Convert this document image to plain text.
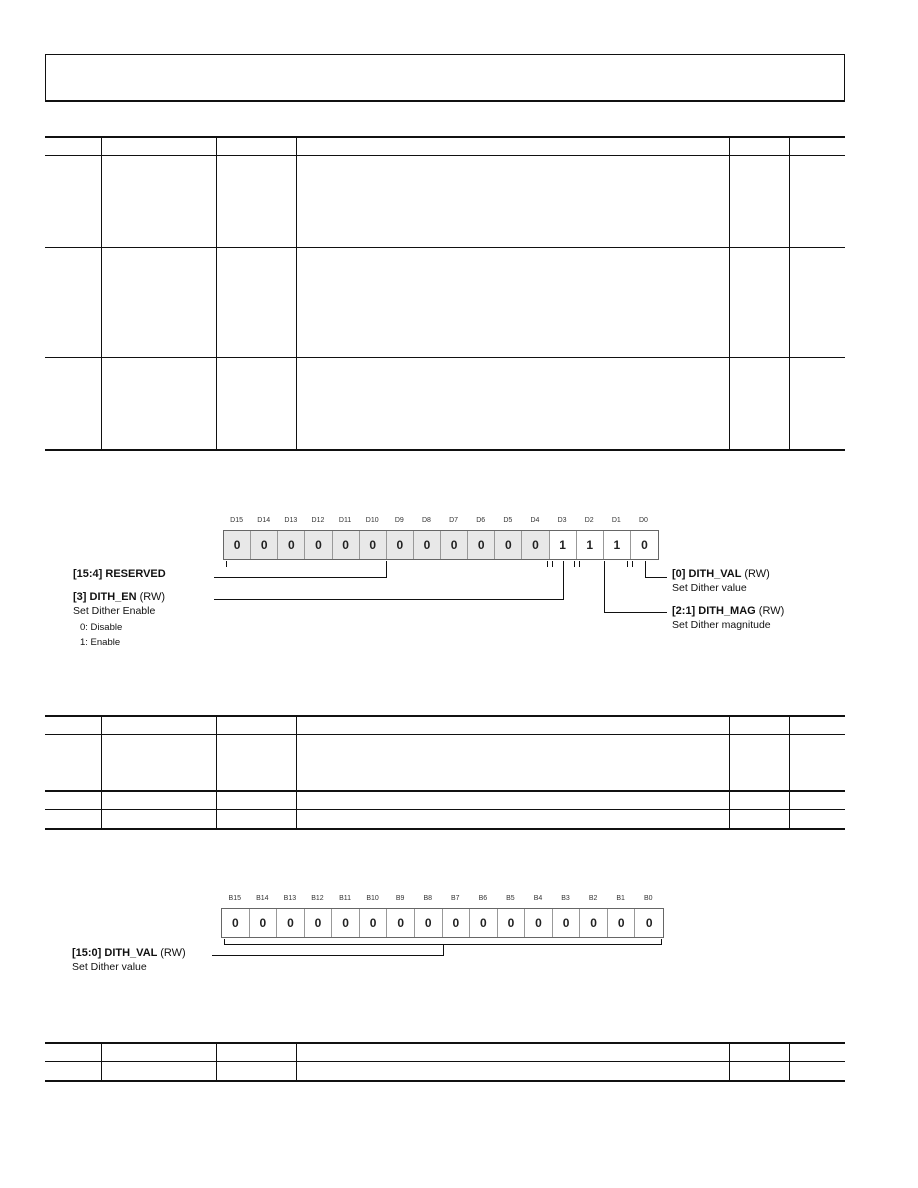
D15	D14	D13	D12	D11	D10	D9	D8	D7	D6	D5	D4	D3	D2	D1	D0
0	0	0	0	0	0	0	0	0	0	0	0	1	1	1	0
[15:4] RESERVED
[3] DITH_EN (RW)
Set Dither Enable
0: Disable
1: Enable
[0] DITH_VAL (RW)
Set Dither value
[2:1] DITH_MAG (RW)
Set Dither magnitude
B15	B14	B13	B12	B11	B10	B9	B8	B7	B6	B5	B4	B3	B2	B1	B0
0	0	0	0	0	0	0	0	0	0	0	0	0	0	0	0
[15:0] DITH_VAL (RW)
Set Dither value
